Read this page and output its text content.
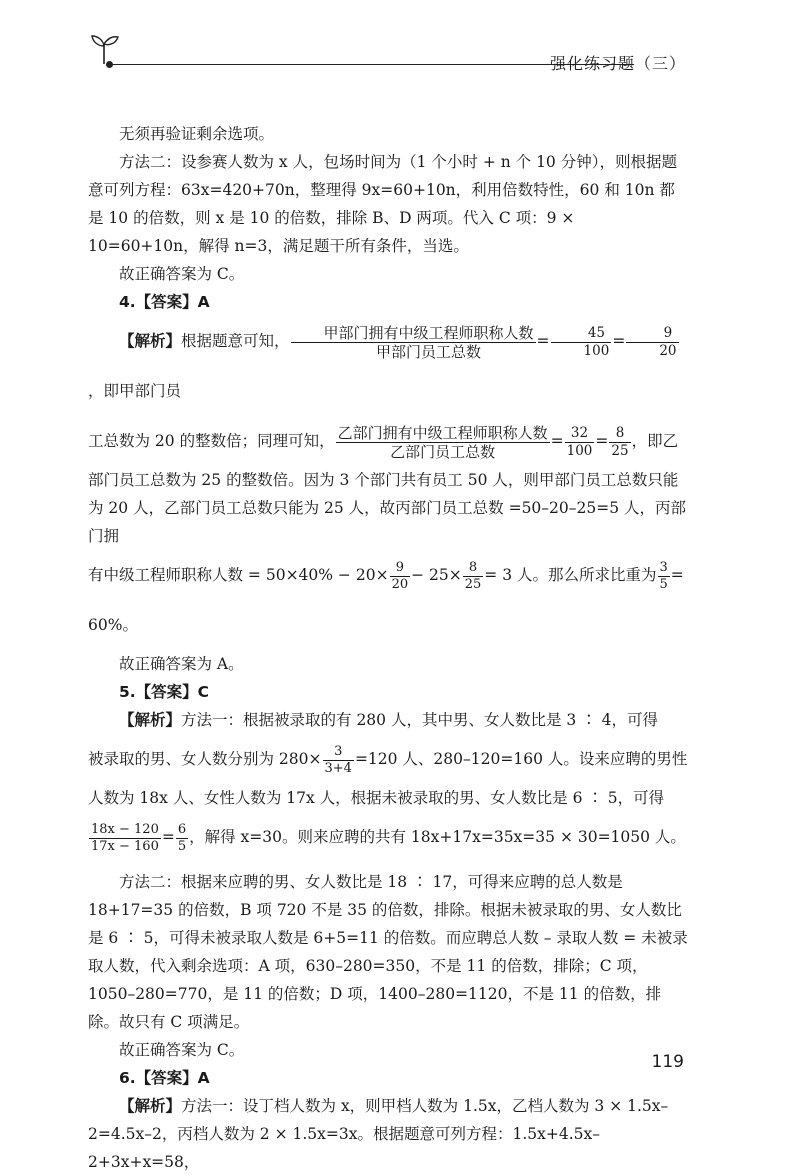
强化练习题（三）

无须再验证剩余选项。

方法二：设参赛人数为 x 人，包场时间为（1 个小时 + n 个 10 分钟），则根据题意可列方程：63x=420+70n，整理得 9x=60+10n，利用倍数特性，60 和 10n 都是 10 的倍数，则 x 是 10 的倍数，排除 B、D 两项。代入 C 项：9 × 10=60+10n，解得 n=3，满足题干所有条件，当选。

故正确答案为 C。

4.【答案】A

【解析】根据题意可知， $\frac{\text{甲部门拥有中级工程师职称人数}}{\text{甲部门员工总数}} = \frac{45}{100} = \frac{9}{20}$
，即甲部门员

工总数为 20 的整数倍；同理可知， $\frac{\text{乙部门拥有中级工程师职称人数}}{\text{乙部门员工总数}} = \frac{32}{100} = \frac{8}{25}$ ，即乙

部门员工总数为 25 的整数倍。因为 3 个部门共有员工 50 人，则甲部门员工总数只能为 20 人，乙部门员工总数只能为 25 人，故丙部门员工总数 =50–20–25=5 人，丙部门拥

有中级工程师职称人数 = $50\times 40\% - 20\times \frac{9}{20} - 25\times \frac{8}{25} = 3$ 人。那么所求比重为 $\frac{3}{5} = 60\%$。

故正确答案为 A。

5.【答案】C

【解析】方法一：根据被录取的有 280 人，其中男、女人数比是 3 ∶ 4，可得

被录取的男、女人数分别为 $280\times \frac{3}{3+4} =120$ 人、280–120=160 人。设来应聘的男性

人数为 18x 人、女性人数为 17x 人，根据未被录取的男、女人数比是 6 ∶ 5，可得

$\frac{18x - 120}{17x - 160} = \frac{6}{5}$ ，解得 x=30。则来应聘的共有 18x+17x=35x=35 × 30=1050 人。

方法二：根据来应聘的男、女人数比是 18 ∶ 17，可得来应聘的总人数是 18+17=35 的倍数，B 项 720 不是 35 的倍数，排除。根据未被录取的男、女人数比是 6 ∶ 5，可得未被录取人数是 6+5=11 的倍数。而应聘总人数 – 录取人数 = 未被录取人数，代入剩余选项：A 项，630–280=350，不是 11 的倍数，排除；C 项，1050–280=770，是 11 的倍数；D 项，1400–280=1120，不是 11 的倍数，排除。故只有 C 项满足。

故正确答案为 C。

6.【答案】A

【解析】方法一：设丁档人数为 x，则甲档人数为 1.5x，乙档人数为 3 × 1.5x–2=4.5x–2，丙档人数为 2 × 1.5x=3x。根据题意可列方程：1.5x+4.5x–2+3x+x=58，

119
